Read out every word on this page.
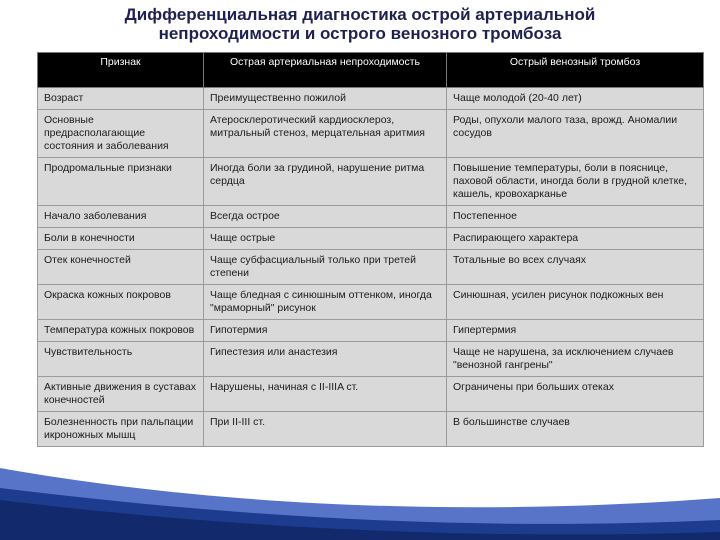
Дифференциальная диагностика острой артериальной непроходимости и острого венозного тромбоза
Признак	Острая артериальная непроходимость	Острый венозный тромбоз
Возраст	Преимущественно пожилой	Чаще молодой (20-40 лет)
Основные предрасполагающие состояния и заболевания	Атеросклеротический кардиосклероз, митральный стеноз, мерцательная аритмия	Роды, опухоли малого таза, врожд. Аномалии сосудов
Продромальные признаки	Иногда боли за грудиной, нарушение ритма сердца	Повышение температуры, боли в пояснице, паховой области, иногда боли в грудной клетке, кашель, кровохарканье
Начало заболевания	Всегда острое	Постепенное
Боли в конечности	Чаще острые	Распирающего характера
Отек конечностей	Чаще субфасциальный только при третей степени	Тотальные во всех случаях
Окраска кожных покровов	Чаще бледная с синюшным оттенком, иногда "мраморный" рисунок	Синюшная, усилен рисунок подкожных вен
Температура кожных покровов	Гипотермия	Гипертермия
Чувствительность	Гипестезия или анастезия	Чаще не нарушена, за исключением случаев "венозной гангрены"
Активные движения в суставах конечностей	Нарушены, начиная с II-IIIA ст.	Ограничены при больших отеках
Болезненность при пальпации икроножных мышц	При II-III ст.	В большинстве случаев
